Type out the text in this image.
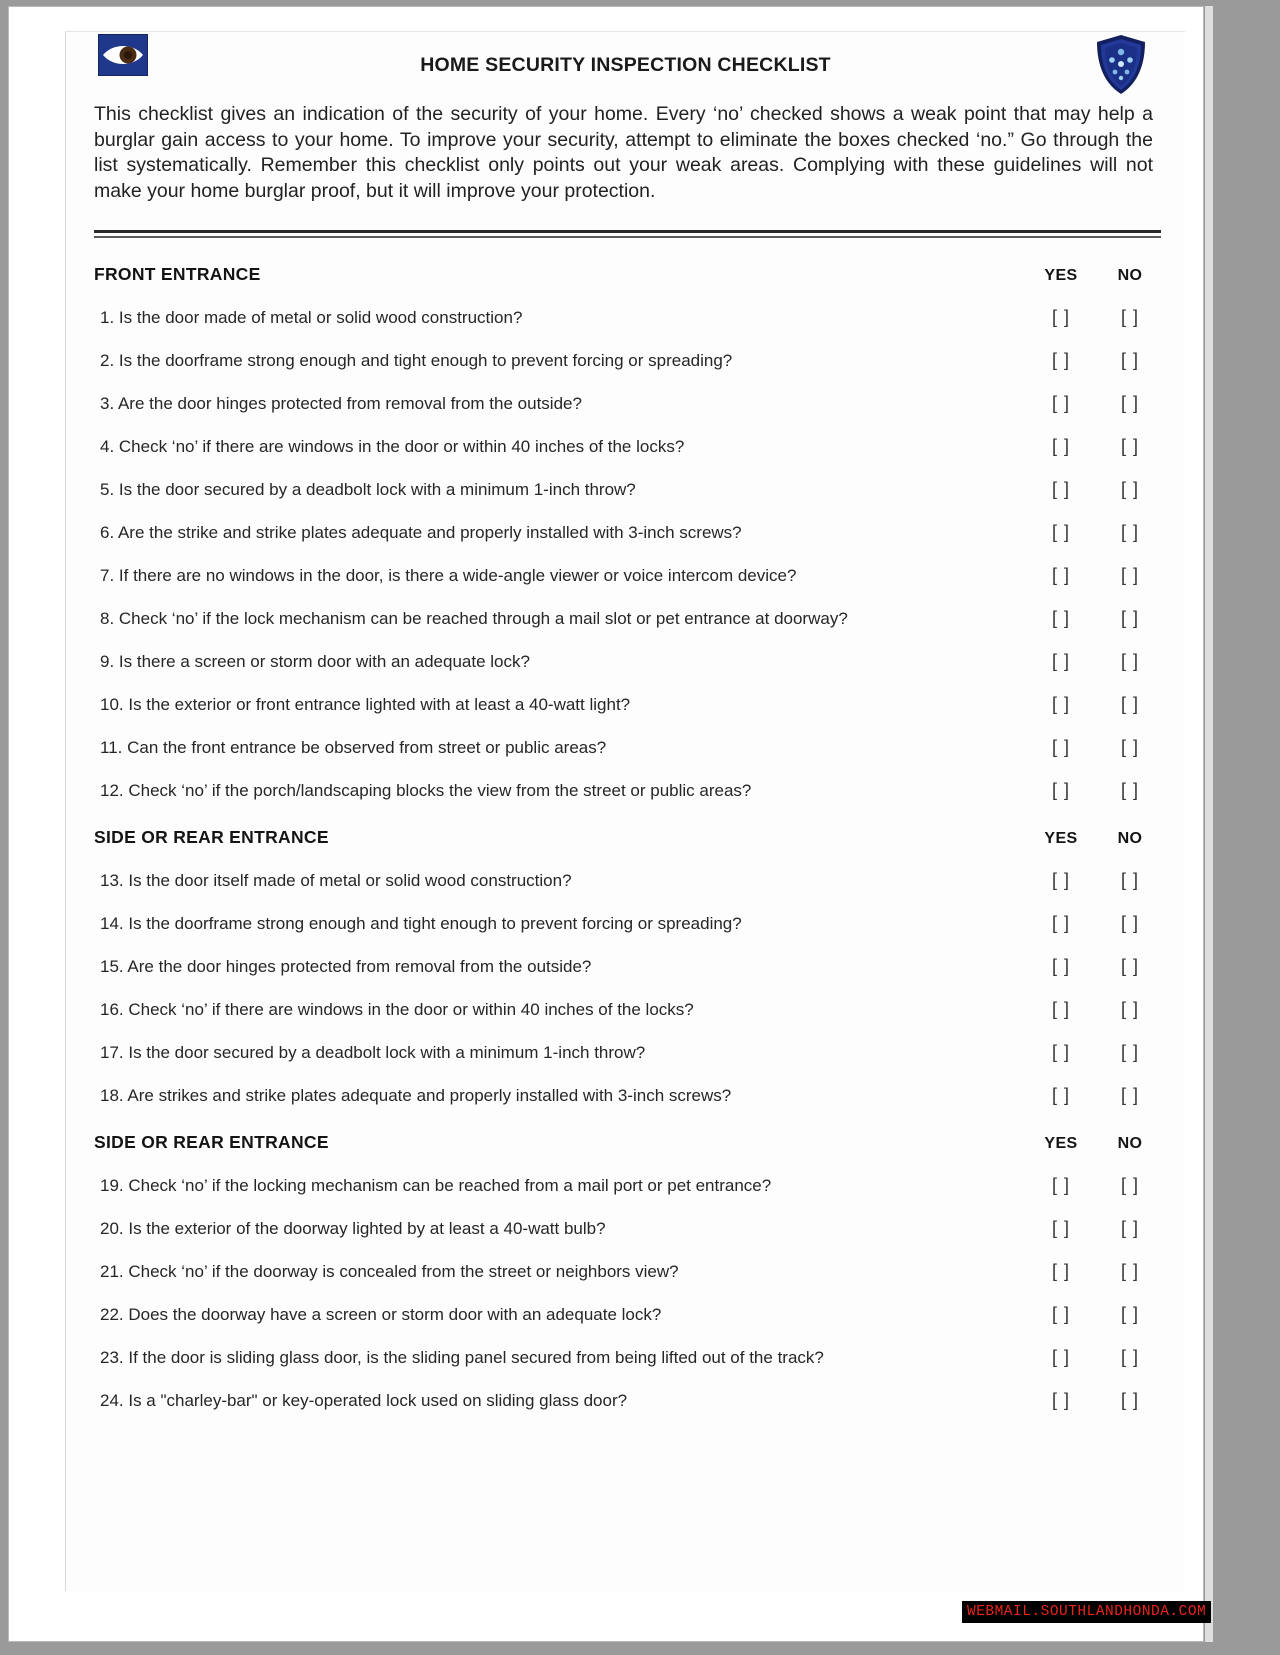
HOME SECURITY INSPECTION CHECKLIST

This checklist gives an indication of the security of your home. Every ‘no’ checked shows a weak point that may help a burglar gain access to your home. To improve your security, attempt to eliminate the boxes checked ‘no.” Go through the list systematically. Remember this checklist only points out your weak areas. Complying with these guidelines will not make your home burglar proof, but it will improve your protection.

FRONT ENTRANCE	YES	NO
1. Is the door made of metal or solid wood construction?	[ ]	[ ]
2. Is the doorframe strong enough and tight enough to prevent forcing or spreading?	[ ]	[ ]
3. Are the door hinges protected from removal from the outside?	[ ]	[ ]
4. Check ‘no’ if there are windows in the door or within 40 inches of the locks?	[ ]	[ ]
5. Is the door secured by a deadbolt lock with a minimum 1-inch throw?	[ ]	[ ]
6. Are the strike and strike plates adequate and properly installed with 3-inch screws?	[ ]	[ ]
7. If there are no windows in the door, is there a wide-angle viewer or voice intercom device?	[ ]	[ ]
8. Check ‘no’ if the lock mechanism can be reached through a mail slot or pet entrance at doorway?	[ ]	[ ]
9. Is there a screen or storm door with an adequate lock?	[ ]	[ ]
10. Is the exterior or front entrance lighted with at least a 40-watt light?	[ ]	[ ]
11. Can the front entrance be observed from street or public areas?	[ ]	[ ]
12. Check ‘no’ if the porch/landscaping blocks the view from the street or public areas?	[ ]	[ ]
SIDE OR REAR ENTRANCE	YES	NO
13. Is the door itself made of metal or solid wood construction?	[ ]	[ ]
14. Is the doorframe strong enough and tight enough to prevent forcing or spreading?	[ ]	[ ]
15. Are the door hinges protected from removal from the outside?	[ ]	[ ]
16. Check ‘no’ if there are windows in the door or within 40 inches of the locks?	[ ]	[ ]
17. Is the door secured by a deadbolt lock with a minimum 1-inch throw?	[ ]	[ ]
18. Are strikes and strike plates adequate and properly installed with 3-inch screws?	[ ]	[ ]
SIDE OR REAR ENTRANCE	YES	NO
19. Check ‘no’ if the locking mechanism can be reached from a mail port or pet entrance?	[ ]	[ ]
20. Is the exterior of the doorway lighted by at least a 40-watt bulb?	[ ]	[ ]
21. Check ‘no’ if the doorway is concealed from the street or neighbors view?	[ ]	[ ]
22. Does the doorway have a screen or storm door with an adequate lock?	[ ]	[ ]
23. If the door is sliding glass door, is the sliding panel secured from being lifted out of the track?	[ ]	[ ]
24. Is a "charley-bar" or key-operated lock used on sliding glass door?	[ ]	[ ]
WEBMAIL.SOUTHLANDHONDA.COM
